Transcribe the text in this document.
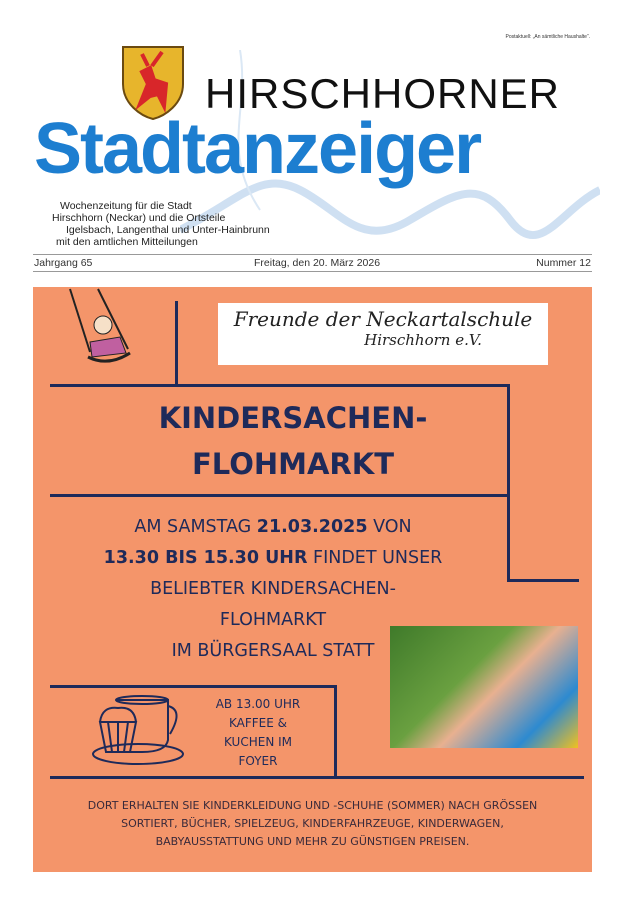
Postaktuell: „An sämtliche Haushalte“.
HIRSCHHORNER
Stadtanzeiger
Wochenzeitung für die Stadt
Hirschhorn (Neckar) und die Ortsteile
Igelsbach, Langenthal und Unter-Hainbrunn
mit den amtlichen Mitteilungen
Jahrgang 65	Freitag, den 20. März 2026	Nummer 12
Freunde der Neckartalschule
Hirschhorn e.V.
KINDERSACHEN-
FLOHMARKT
AM SAMSTAG 21.03.2025 VON
13.30 BIS 15.30 UHR FINDET UNSER
BELIEBTER KINDERSACHEN-
FLOHMARKT
IM BÜRGERSAAL STATT
AB 13.00 UHR
KAFFEE &
KUCHEN IM
FOYER
DORT ERHALTEN SIE KINDERKLEIDUNG UND -SCHUHE (SOMMER) NACH GRÖSSEN
SORTIERT, BÜCHER, SPIELZEUG, KINDERFAHRZEUGE, KINDERWAGEN,
BABYAUSSTATTUNG UND MEHR ZU GÜNSTIGEN PREISEN.
